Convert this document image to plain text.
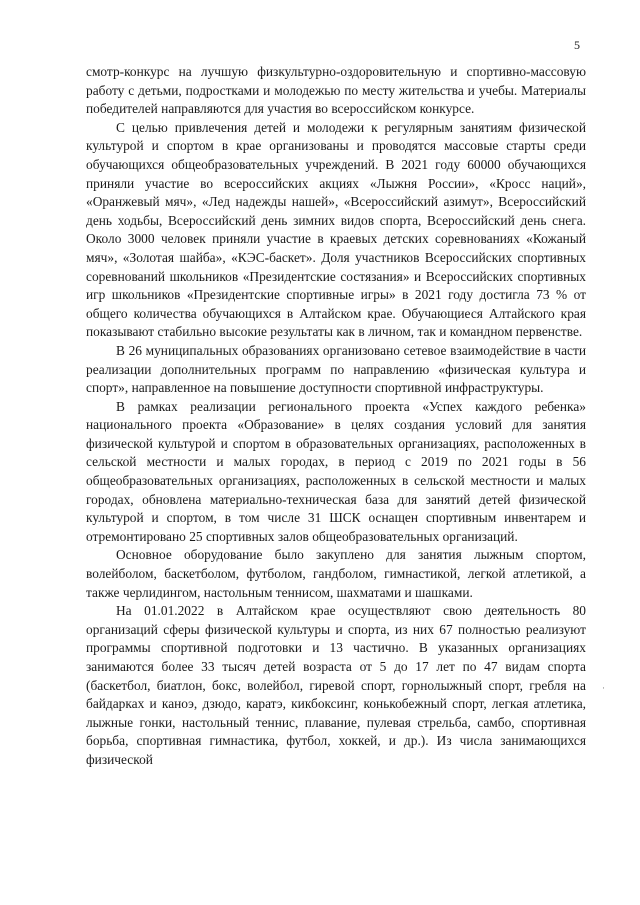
5

смотр-конкурс на лучшую физкультурно-оздоровительную и спортивно-массовую работу с детьми, подростками и молодежью по месту жительства и учебы. Материалы победителей направляются для участия во всероссийском конкурсе.

С целью привлечения детей и молодежи к регулярным занятиям физической культурой и спортом в крае организованы и проводятся массовые старты среди обучающихся общеобразовательных учреждений. В 2021 году 60000 обучающихся приняли участие во всероссийских акциях «Лыжня России», «Кросс наций», «Оранжевый мяч», «Лед надежды нашей», «Всероссийский азимут», Всероссийский день ходьбы, Всероссийский день зимних видов спорта, Всероссийский день снега. Около 3000 человек приняли участие в краевых детских соревнованиях «Кожаный мяч», «Золотая шайба», «КЭС-баскет». Доля участников Всероссийских спортивных соревнований школьников «Президентские состязания» и Всероссийских спортивных игр школьников «Президентские спортивные игры» в 2021 году достигла 73 % от общего количества обучающихся в Алтайском крае. Обучающиеся Алтайского края показывают стабильно высокие результаты как в личном, так и командном первенстве.

В 26 муниципальных образованиях организовано сетевое взаимодействие в части реализации дополнительных программ по направлению «физическая культура и спорт», направленное на повышение доступности спортивной инфраструктуры.

В рамках реализации регионального проекта «Успех каждого ребенка» национального проекта «Образование» в целях создания условий для занятия физической культурой и спортом в образовательных организациях, расположенных в сельской местности и малых городах, в период с 2019 по 2021 годы в 56 общеобразовательных организациях, расположенных в сельской местности и малых городах, обновлена материально-техническая база для занятий детей физической культурой и спортом, в том числе 31 ШСК оснащен спортивным инвентарем и отремонтировано 25 спортивных залов общеобразовательных организаций.

Основное оборудование было закуплено для занятия лыжным спортом, волейболом, баскетболом, футболом, гандболом, гимнастикой, легкой атлетикой, а также черлидингом, настольным теннисом, шахматами и шашками.

На 01.01.2022 в Алтайском крае осуществляют свою деятельность 80 организаций сферы физической культуры и спорта, из них 67 полностью реализуют программы спортивной подготовки и 13 частично. В указанных организациях занимаются более 33 тысяч детей возраста от 5 до 17 лет по 47 видам спорта (баскетбол, биатлон, бокс, волейбол, гиревой спорт, горнолыжный спорт, гребля на байдарках и каноэ, дзюдо, каратэ, кикбоксинг, конькобежный спорт, легкая атлетика, лыжные гонки, настольный теннис, плавание, пулевая стрельба, самбо, спортивная борьба, спортивная гимнастика, футбол, хоккей, и др.). Из числа занимающихся физической

·
